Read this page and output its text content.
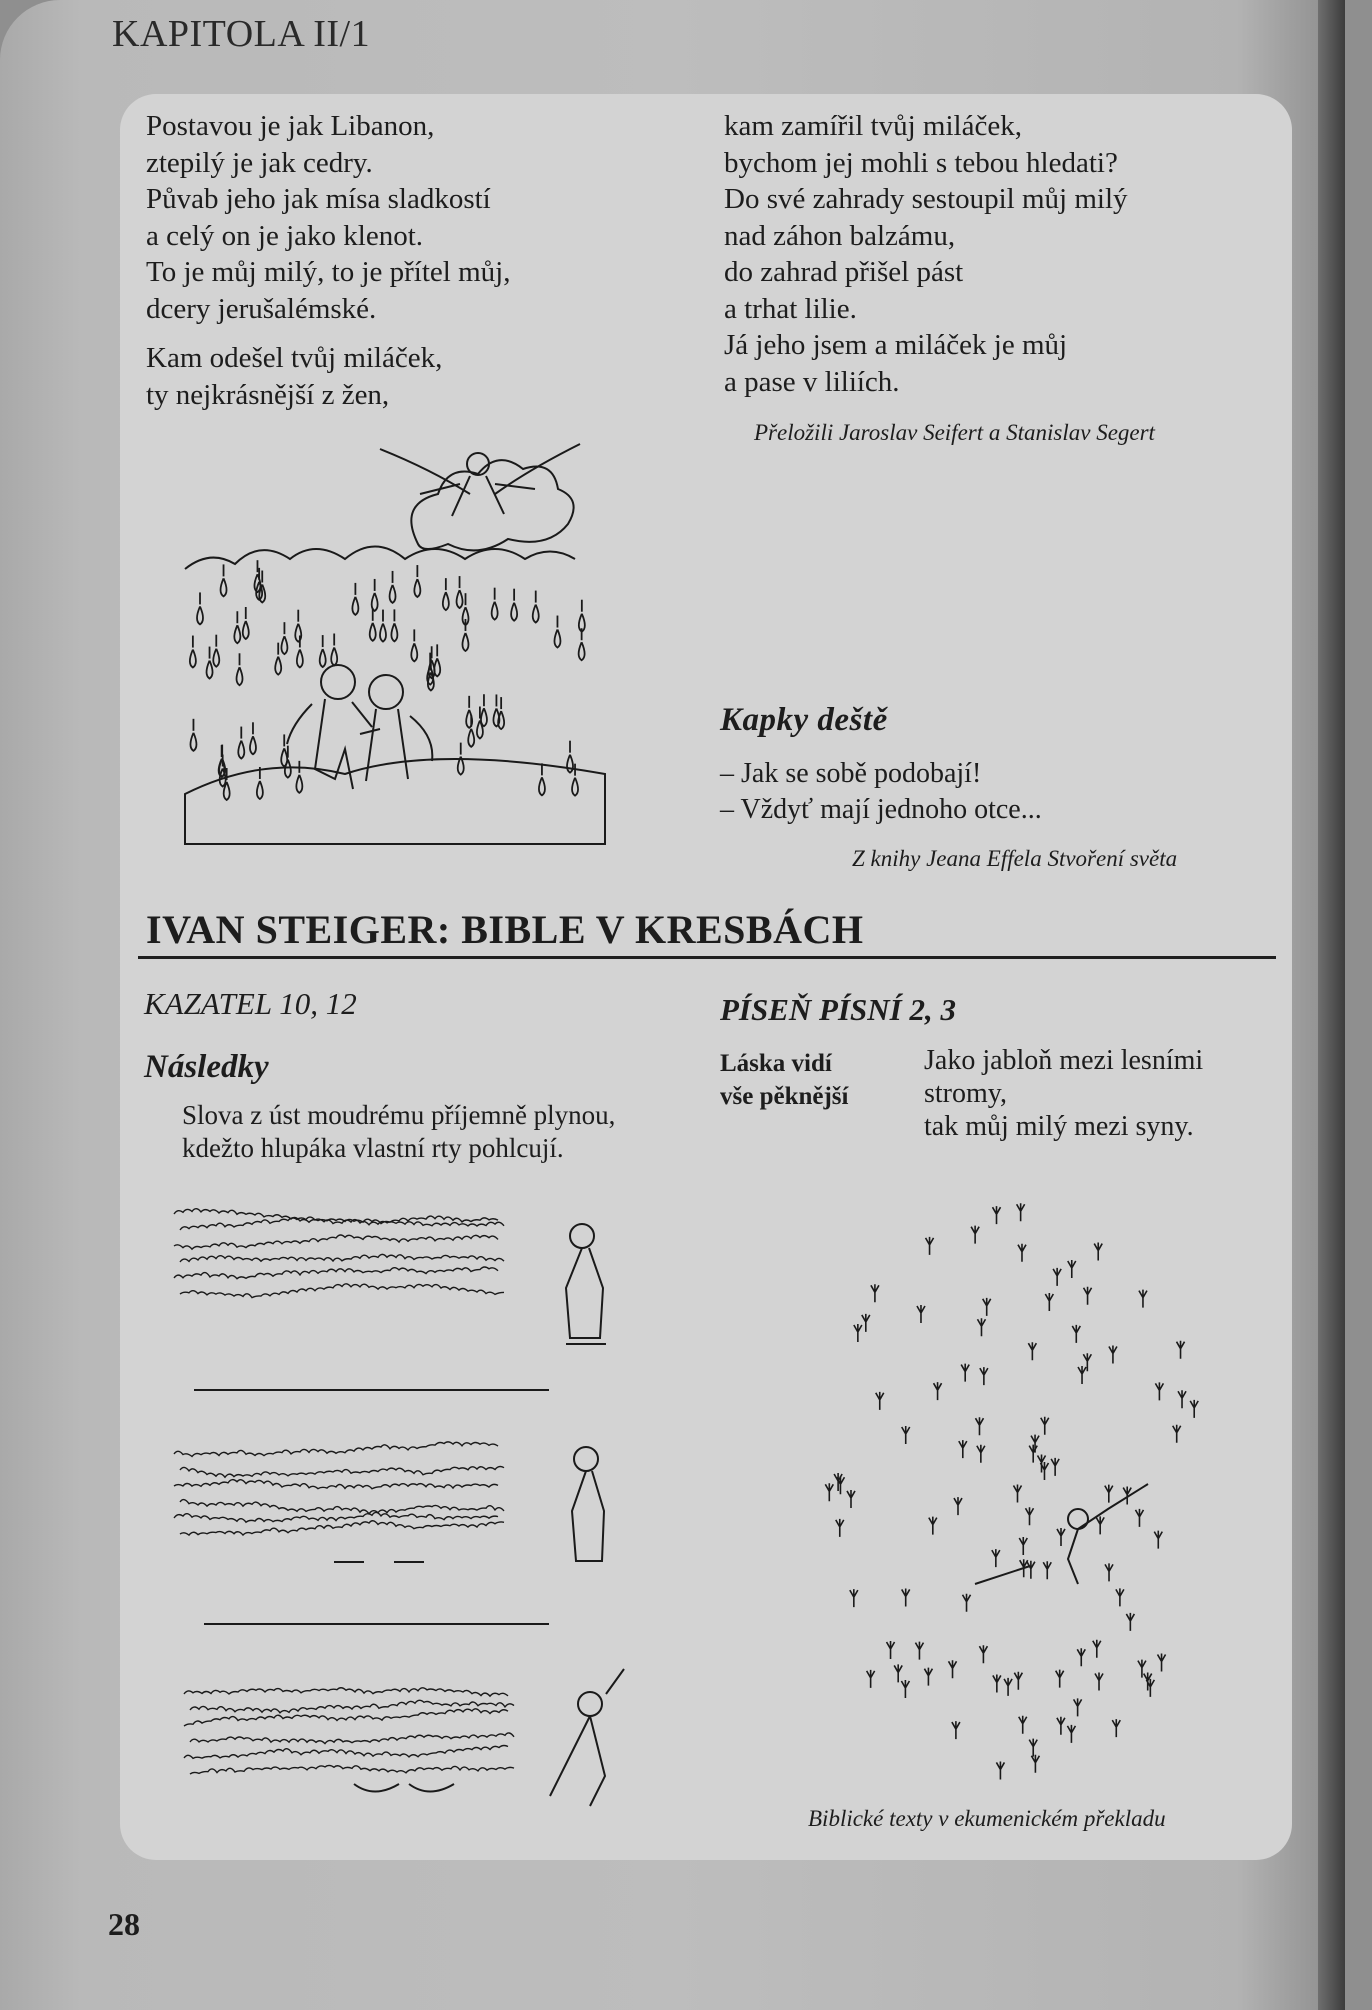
KAPITOLA II/1
Postavou je jak Libanon,
ztepilý je jak cedry.
Půvab jeho jak mísa sladkostí
a celý on je jako klenot.
To je můj milý, to je přítel můj,
dcery jerušalémské.
Kam odešel tvůj miláček,
ty nejkrásnější z žen,
kam zamířil tvůj miláček,
bychom jej mohli s tebou hledati?
Do své zahrady sestoupil můj milý
nad záhon balzámu,
do zahrad přišel pást
a trhat lilie.
Já jeho jsem a miláček je můj
a pase v liliích.
Přeložili Jaroslav Seifert a Stanislav Segert
Kapky deště
– Jak se sobě podobají!
– Vždyť mají jednoho otce...
Z knihy Jeana Effela Stvoření světa
IVAN STEIGER: BIBLE V KRESBÁCH
KAZATEL 10, 12
Následky
Slova z úst moudrému příjemně plynou,
kdežto hlupáka vlastní rty pohlcují.
PÍSEŇ PÍSNÍ 2, 3
Láska vidí
vše pěknější
Jako jabloň mezi lesními
stromy,
tak můj milý mezi syny.
Biblické texty v ekumenickém překladu
28
